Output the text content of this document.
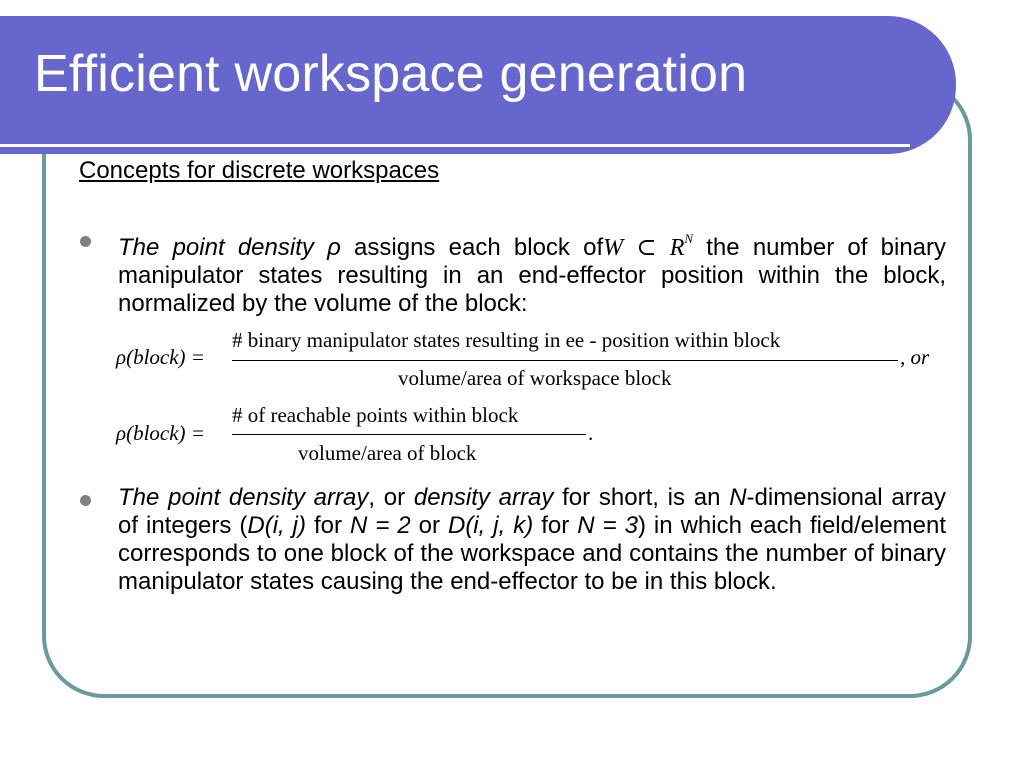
Efficient workspace generation
Concepts for discrete workspaces
The point density ρ assigns each block ofW ⊂ $R^N$ the number of binary manipulator states resulting in an end-effector position within the block, normalized by the volume of the block:
ρ(block) =
# binary manipulator states resulting in ee - position within block
volume/area of workspace block
, or
ρ(block) =
# of reachable points within block
volume/area of block
.
The point density array, or density array for short, is an N-dimensional array of integers (D(i, j) for N = 2 or D(i, j, k) for N = 3) in which each field/element corresponds to one block of the workspace and contains the number of binary manipulator states causing the end-effector to be in this block.
